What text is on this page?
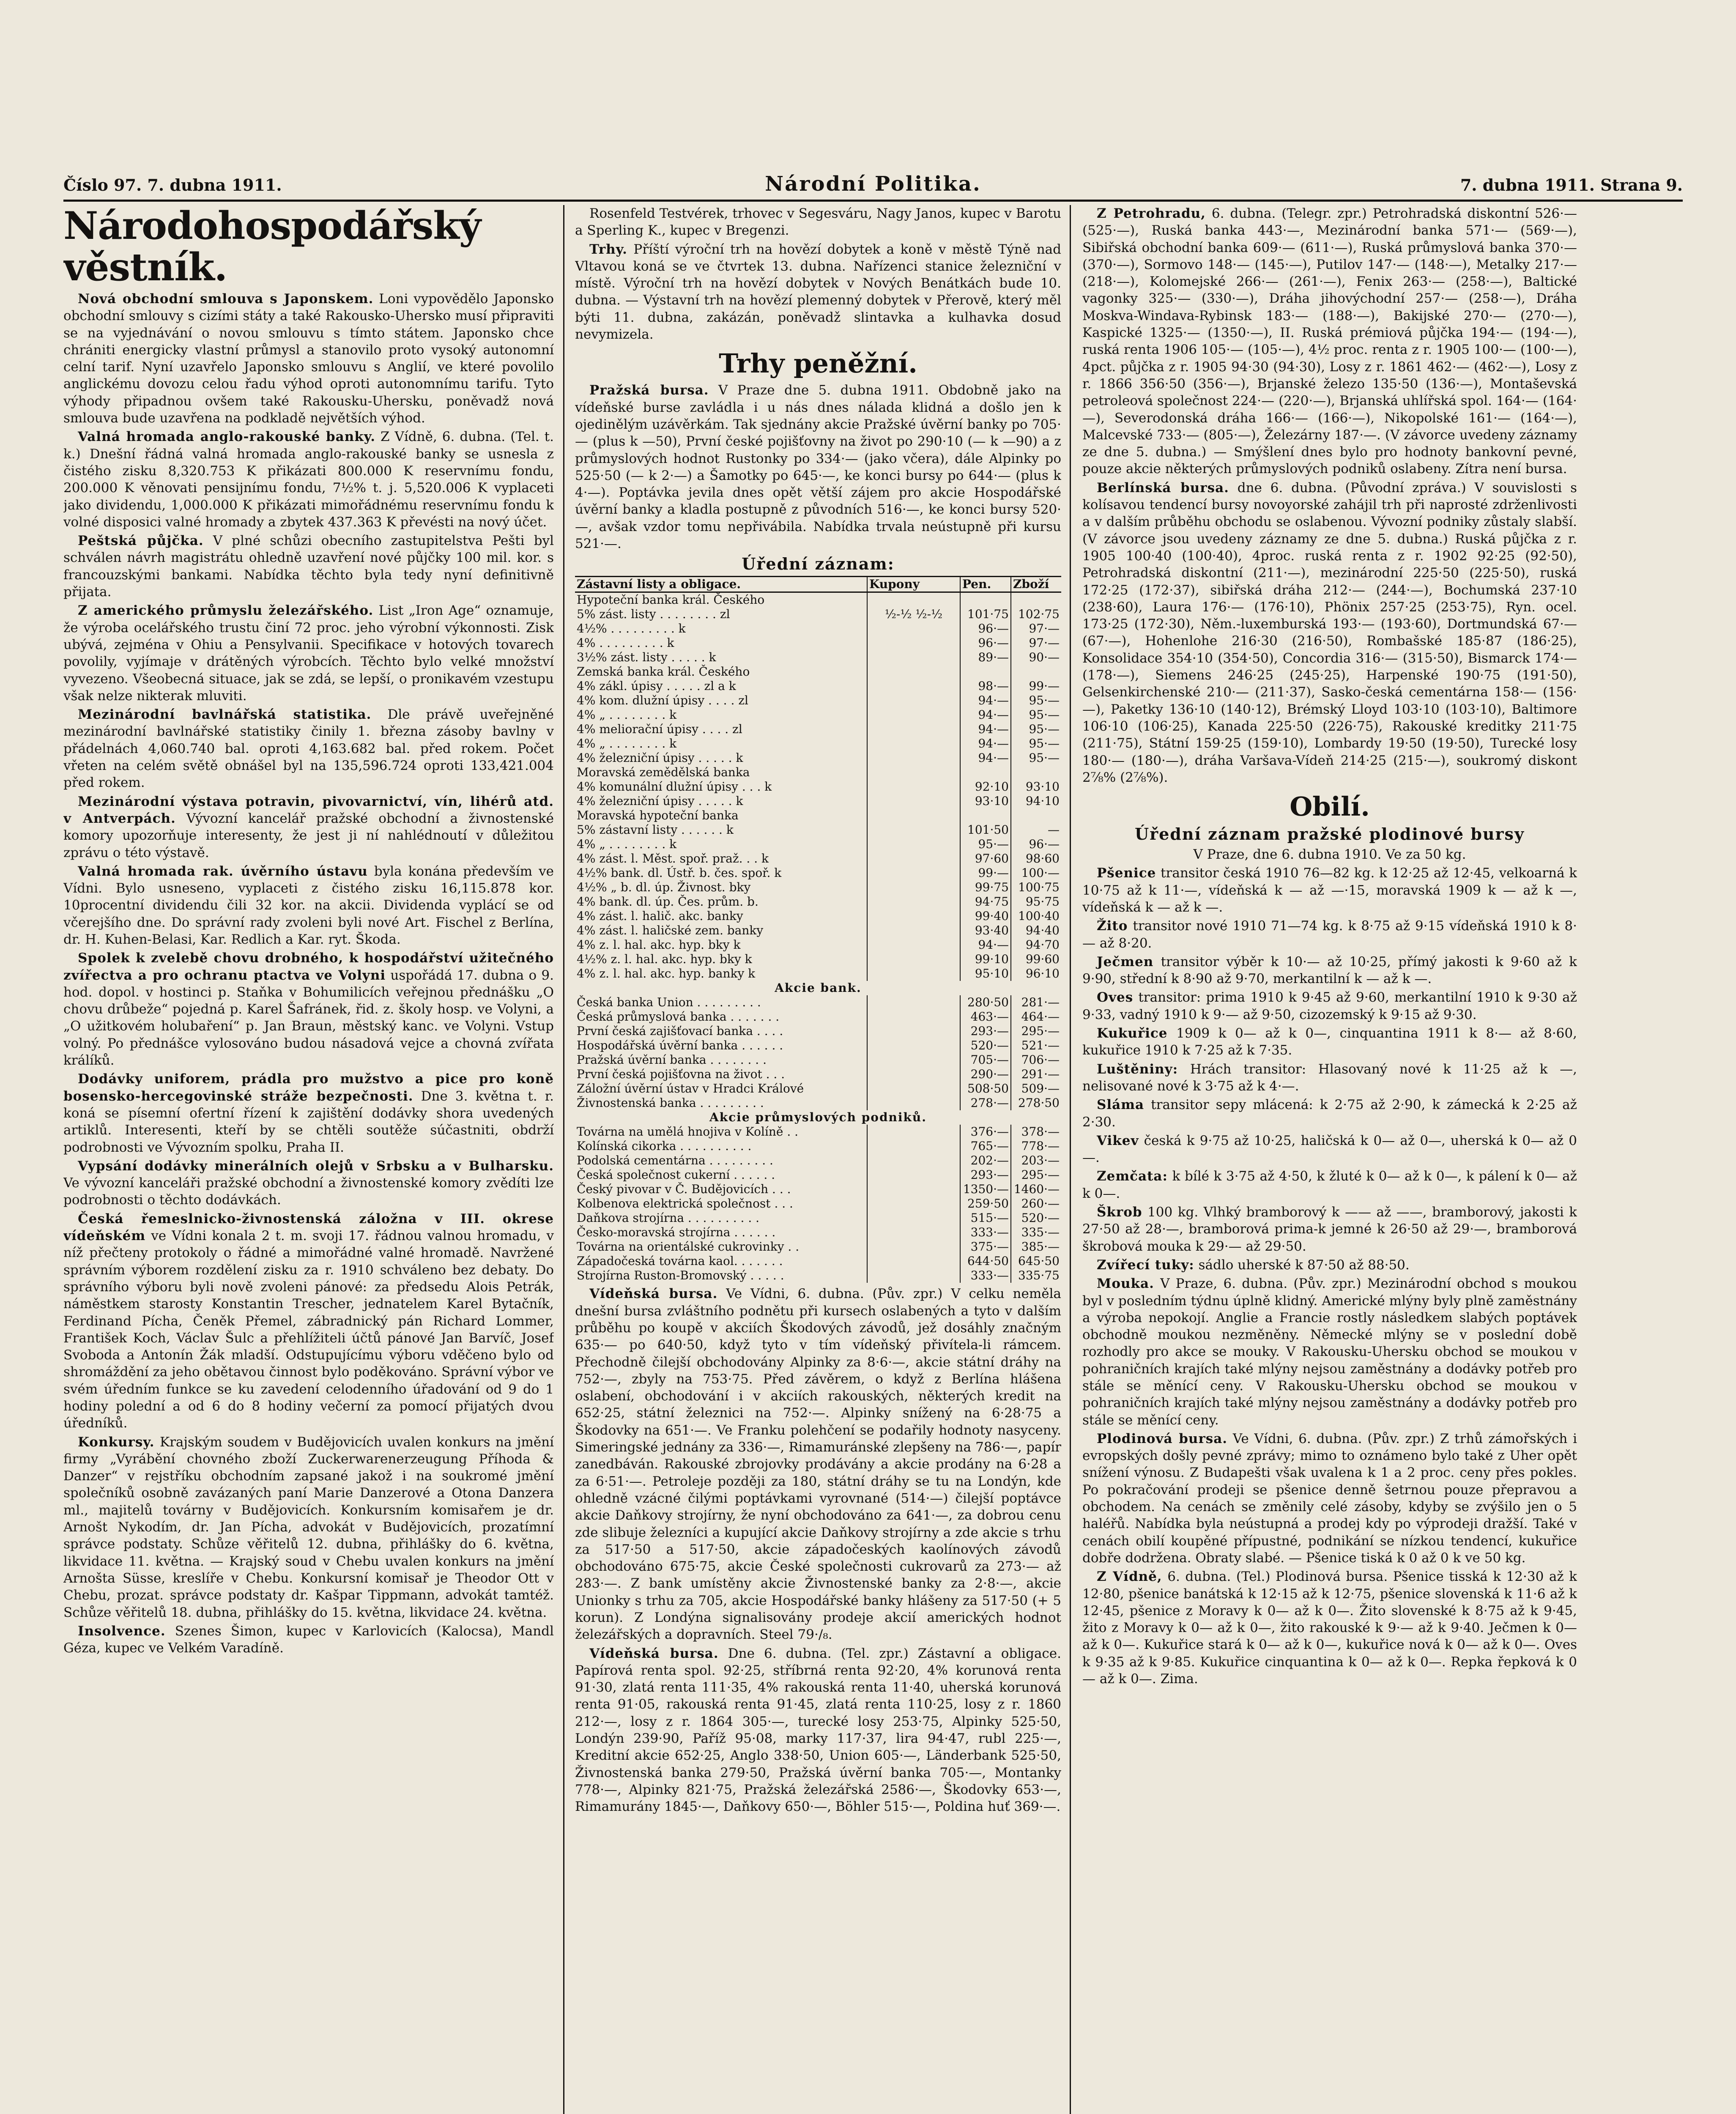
Číslo 97. 7. dubna 1911.	Národní Politika.	7. dubna 1911. Strana 9.
Národohospodářský věstník.

Nová obchodní smlouva s Japonskem. Loni vypovědělo Japonsko obchodní smlouvy s cizími státy a také Rakousko-Uhersko musí připraviti se na vyjednávání o novou smlouvu s tímto státem. Japonsko chce chrániti energicky vlastní průmysl a stanovilo proto vysoký autonomní celní tarif. Nyní uzavřelo Japonsko smlouvu s Anglií, ve které povolilo anglickému dovozu celou řadu výhod oproti autonomnímu tarifu. Tyto výhody připadnou ovšem také Rakousku-Uhersku, poněvadž nová smlouva bude uzavřena na podkladě největších výhod.

Valná hromada anglo-rakouské banky. Z Vídně, 6. dubna. (Tel. t. k.) Dnešní řádná valná hromada anglo-rakouské banky se usnesla z čistého zisku 8,320.753 K přikázati 800.000 K reservnímu fondu, 200.000 K věnovati pensijnímu fondu, 7½% t. j. 5,520.006 K vyplaceti jako dividendu, 1,000.000 K přikázati mimořádnému reservnímu fondu k volné disposici valné hromady a zbytek 437.363 K převésti na nový účet.

Peštská půjčka. V plné schůzi obecního zastupitelstva Pešti byl schválen návrh magistrátu ohledně uzavření nové půjčky 100 mil. kor. s francouzskými bankami. Nabídka těchto byla tedy nyní definitivně přijata.

Z amerického průmyslu železářského. List „Iron Age“ oznamuje, že výroba ocelářského trustu činí 72 proc. jeho výrobní výkonnosti. Zisk ubývá, zejména v Ohiu a Pensylvanii. Specifikace v hotových tovarech povolily, vyjímaje v drátěných výrobcích. Těchto bylo velké množství vyvezeno. Všeobecná situace, jak se zdá, se lepší, o pronikavém vzestupu však nelze nikterak mluviti.

Mezinárodní bavlnářská statistika. Dle právě uveřejněné mezinárodní bavlnářské statistiky činily 1. března zásoby bavlny v přádelnách 4,060.740 bal. oproti 4,163.682 bal. před rokem. Počet vřeten na celém světě obnášel byl na 135,596.724 oproti 133,421.004 před rokem.

Mezinárodní výstava potravin, pivovarnictví, vín, lihérů atd. v Antverpách. Vývozní kancelář pražské obchodní a živnostenské komory upozorňuje interesenty, že jest ji ní nahlédnoutí v důležitou zprávu o této výstavě.

Valná hromada rak. úvěrního ústavu byla konána především ve Vídni. Bylo usneseno, vyplaceti z čistého zisku 16,115.878 kor. 10procentní dividendu čili 32 kor. na akcii. Dividenda vyplácí se od včerejšího dne. Do správní rady zvoleni byli nové Art. Fischel z Berlína, dr. H. Kuhen-Belasi, Kar. Redlich a Kar. ryt. Škoda.

Spolek k zvelebě chovu drobného, k hospodářství užitečného zvířectva a pro ochranu ptactva ve Volyni uspořádá 17. dubna o 9. hod. dopol. v hostinci p. Staňka v Bohumilicích veřejnou přednášku „O chovu drůbeže“ pojedná p. Karel Šafránek, řid. z. školy hosp. ve Volyni, a „O užitkovém holubaření“ p. Jan Braun, městský kanc. ve Volyni. Vstup volný. Po přednášce vylosováno budou násadová vejce a chovná zvířata králíků.

Dodávky uniforem, prádla pro mužstvo a pice pro koně bosensko-hercegovinské stráže bezpečnosti. Dne 3. května t. r. koná se písemní ofertní řízení k zajištění dodávky shora uvedených artiklů. Interesenti, kteří by se chtěli soutěže súčastniti, obdrží podrobnosti ve Vývozním spolku, Praha II.

Vypsání dodávky minerálních olejů v Srbsku a v Bulharsku. Ve vývozní kanceláři pražské obchodní a živnostenské komory zvědíti lze podrobnosti o těchto dodávkách.

Česká řemeslnicko-živnostenská záložna v III. okrese vídeňském ve Vídni konala 2 t. m. svoji 17. řádnou valnou hromadu, v níž přečteny protokoly o řádné a mimořádné valné hromadě. Navržené správním výborem rozdělení zisku za r. 1910 schváleno bez debaty. Do správního výboru byli nově zvoleni pánové: za předsedu Alois Petrák, náměstkem starosty Konstantin Trescher, jednatelem Karel Bytačník, Ferdinand Pícha, Čeněk Přemel, zábradnický pán Richard Lommer, František Koch, Václav Šulc a přehlížiteli účtů pánové Jan Barvíč, Josef Svoboda a Antonín Žák mladší. Odstupujícímu výboru vděčeno bylo od shromáždění za jeho obětavou činnost bylo poděkováno. Správní výbor ve svém úředním funkce se ku zavedení celodenního úřadování od 9 do 1 hodiny polední a od 6 do 8 hodiny večerní za pomocí přijatých dvou úředníků.

Konkursy. Krajským soudem v Budějovicích uvalen konkurs na jmění firmy „Vyrábění chovného zboží Zuckerwarenerzeugung Příhoda & Danzer“ v rejstříku obchodním zapsané jakož i na soukromé jmění společníků osobně zavázaných paní Marie Danzerové a Otona Danzera ml., majitelů továrny v Budějovicích. Konkursním komisařem je dr. Arnošt Nykodím, dr. Jan Pícha, advokát v Budějovicích, prozatímní správce podstaty. Schůze věřitelů 12. dubna, přihlášky do 6. května, likvidace 11. května. — Krajský soud v Chebu uvalen konkurs na jmění Arnošta Süsse, kreslíře v Chebu. Konkursní komisař je Theodor Ott v Chebu, prozat. správce podstaty dr. Kašpar Tippmann, advokát tamtéž. Schůze věřitelů 18. dubna, přihlášky do 15. května, likvidace 24. května.

Insolvence. Szenes Šimon, kupec v Karlovicích (Kalocsa), Mandl Géza, kupec ve Velkém Varadíně.

Rosenfeld Testvérek, trhovec v Segesváru, Nagy Janos, kupec v Barotu a Sperling K., kupec v Bregenzi.

Trhy. Příští výroční trh na hovězí dobytek a koně v městě Týně nad Vltavou koná se ve čtvrtek 13. dubna. Nařízenci stanice železniční v místě. Výroční trh na hovězí dobytek v Nových Benátkách bude 10. dubna. — Výstavní trh na hovězí plemenný dobytek v Přerově, který měl býti 11. dubna, zakázán, poněvadž slintavka a kulhavka dosud nevymizela.

Trhy peněžní.

Pražská bursa. V Praze dne 5. dubna 1911. Obdobně jako na vídeňské burse zavládla i u nás dnes nálada klidná a došlo jen k ojedinělým uzávěrkám. Tak sjednány akcie Pražské úvěrní banky po 705·— (plus k —50), První české pojišťovny na život po 290·10 (— k —90) a z průmyslových hodnot Rustonky po 334·— (jako včera), dále Alpinky po 525·50 (— k 2·—) a Šamotky po 645·—, ke konci bursy po 644·— (plus k 4·—). Poptávka jevila dnes opět větší zájem pro akcie Hospodářské úvěrní banky a kladla postupně z původních 516·—, ke konci bursy 520·—, avšak vzdor tomu nepřivábila. Nabídka trvala neústupně při kursu 521·—.

Úřední záznam:
Zástavní listy a obligace.	Kupony	Pen.	Zboží
Hypoteční banka král. Českého			
5% zást. listy . . . . . . . . zl	½-½ ½-½	101·75	102·75
4½% . . . . . . . . . k		96·—	97·—
4% . . . . . . . . . k		96·—	97·—
3½% zást. listy . . . . . k		89·—	90·—
Zemská banka král. Českého			
4% zákl. úpisy . . . . . zl a k		98·—	99·—
4% kom. dlužní úpisy . . . . zl		94·—	95·—
4% „ . . . . . . . . k		94·—	95·—
4% meliorační úpisy . . . . zl		94·—	95·—
4% „ . . . . . . . . k		94·—	95·—
4% železniční úpisy . . . . . k		94·—	95·—
Moravská zemědělská banka			
4% komunální dlužní úpisy . . . k		92·10	93·10
4% železniční úpisy . . . . . k		93·10	94·10
Moravská hypoteční banka			
5% zástavní listy . . . . . . k		101·50	—
4% „ . . . . . . . . k		95·—	96·—
4% zást. l. Měst. spoř. praž. . . k		97·60	98·60
4½% bank. dl. Ústř. b. čes. spoř. k		99·—	100·—
4½% „ b. dl. úp. Živnost. bky		99·75	100·75
4% bank. dl. úp. Čes. prům. b.		94·75	95·75
4% zást. l. halič. akc. banky		99·40	100·40
4% zást. l. haličské zem. banky		93·40	94·40
4% z. l. hal. akc. hyp. bky k		94·—	94·70
4½% z. l. hal. akc. hyp. bky k		99·10	99·60
4% z. l. hal. akc. hyp. banky k		95·10	96·10
Akcie bank.			
Česká banka Union . . . . . . . . .		280·50	281·—
Česká průmyslová banka . . . . . . .		463·—	464·—
První česká zajišťovací banka . . . .		293·—	295·—
Hospodářská úvěrní banka . . . . . .		520·—	521·—
Pražská úvěrní banka . . . . . . . .		705·—	706·—
První česká pojišťovna na život . . .		290·—	291·—
Záložní úvěrní ústav v Hradci Králové		508·50	509·—
Živnostenská banka . . . . . . . . .		278·—	278·50
Akcie průmyslových podniků.			
Továrna na umělá hnojiva v Kolíně . .		376·—	378·—
Kolínská cikorka . . . . . . . . . .		765·—	778·—
Podolská cementárna . . . . . . . . .		202·—	203·—
Česká společnost cukerní . . . . . .		293·—	295·—
Český pivovar v Č. Budějovicích . . .		1350·—	1460·—
Kolbenova elektrická společnost . . .		259·50	260·—
Daňkova strojírna . . . . . . . . . .		515·—	520·—
Česko-moravská strojírna . . . . . .		333·—	335·—
Továrna na orientálské cukrovinky . .		375·—	385·—
Západočeská továrna kaol. . . . . . .		644·50	645·50
Strojírna Ruston-Bromovský . . . . .		333·—	335·75

Vídeňská bursa. Ve Vídni, 6. dubna. (Pův. zpr.) V celku neměla dnešní bursa zvláštního podnětu při kursech oslabených a tyto v dalším průběhu po koupě v akciích Škodových závodů, jež dosáhly značným 635·— po 640·50, když tyto v tím vídeňský přivítela-li rámcem. Přechodně čilejší obchodovány Alpinky za 8·6·—, akcie státní dráhy na 752·—, zbyly na 753·75. Před závěrem, o když z Berlína hlášena oslabení, obchodování i v akciích rakouských, některých kredit na 652·25, státní železnici na 752·—. Alpinky snížený na 6·28·75 a Škodovky na 651·—. Ve Franku polehčení se podařily hodnoty nasyceny. Simeringské jednány za 336·—, Rimamuránské zlepšeny na 786·—, papír zanedbáván. Rakouské zbrojovky prodávány a akcie prodány na 6·28 a za 6·51·—. Petroleje později za 180, státní dráhy se tu na Londýn, kde ohledně vzácné čilými poptávkami vyrovnané (514·—) čilejší poptávce akcie Daňkovy strojírny, že nyní obchodováno za 641·—, za dobrou cenu zde slibuje železníci a kupující akcie Daňkovy strojírny a zde akcie s trhu za 517·50 a 517·50, akcie západočeských kaolínových závodů obchodováno 675·75, akcie České společnosti cukrovarů za 273·— až 283·—. Z bank umístěny akcie Živnostenské banky za 2·8·—, akcie Unionky s trhu za 705, akcie Hospodářské banky hlášeny za 517·50 (+ 5 korun). Z Londýna signalisovány prodeje akcií amerických hodnot železářských a dopravních. Steel 79·/₈.

Vídeňská bursa. Dne 6. dubna. (Tel. zpr.) Zástavní a obligace. Papírová renta spol. 92·25, stříbrná renta 92·20, 4% korunová renta 91·30, zlatá renta 111·35, 4% rakouská renta 11·40, uherská korunová renta 91·05, rakouská renta 91·45, zlatá renta 110·25, losy z r. 1860 212·—, losy z r. 1864 305·—, turecké losy 253·75, Alpinky 525·50, Londýn 239·90, Paříž 95·08, marky 117·37, lira 94·47, rubl 225·—, Kreditní akcie 652·25, Anglo 338·50, Union 605·—, Länderbank 525·50, Živnostenská banka 279·50, Pražská úvěrní banka 705·—, Montanky 778·—, Alpinky 821·75, Pražská železářská 2586·—, Škodovky 653·—, Rimamurány 1845·—, Daňkovy 650·—, Böhler 515·—, Poldina huť 369·—.

Z Petrohradu, 6. dubna. (Telegr. zpr.) Petrohradská diskontní 526·— (525·—), Ruská banka 443·—, Mezinárodní banka 571·— (569·—), Sibiřská obchodní banka 609·— (611·—), Ruská průmyslová banka 370·— (370·—), Sormovo 148·— (145·—), Putilov 147·— (148·—), Metalky 217·— (218·—), Kolomejské 266·— (261·—), Fenix 263·— (258·—), Baltické vagonky 325·— (330·—), Dráha jihovýchodní 257·— (258·—), Dráha Moskva-Windava-Rybinsk 183·— (188·—), Bakijské 270·— (270·—), Kaspické 1325·— (1350·—), II. Ruská prémiová půjčka 194·— (194·—), ruská renta 1906 105·— (105·—), 4½ proc. renta z r. 1905 100·— (100·—), 4pct. půjčka z r. 1905 94·30 (94·30), Losy z r. 1861 462·— (462·—), Losy z r. 1866 356·50 (356·—), Brjanské železo 135·50 (136·—), Montaševská petroleová společnost 224·— (220·—), Brjanská uhlířská spol. 164·— (164·—), Severodonská dráha 166·— (166·—), Nikopolské 161·— (164·—), Malcevské 733·— (805·—), Železárny 187·—. (V závorce uvedeny záznamy ze dne 5. dubna.) — Smýšlení dnes bylo pro hodnoty bankovní pevné, pouze akcie některých průmyslových podniků oslabeny. Zítra není bursa.

Berlínská bursa. dne 6. dubna. (Původní zpráva.) V souvislosti s kolísavou tendencí bursy novoyorské zahájil trh při naprosté zdrženlivosti a v dalším průběhu obchodu se oslabenou. Vývozní podniky zůstaly slabší. (V závorce jsou uvedeny záznamy ze dne 5. dubna.) Ruská půjčka z r. 1905 100·40 (100·40), 4proc. ruská renta z r. 1902 92·25 (92·50), Petrohradská diskontní (211·—), mezinárodní 225·50 (225·50), ruská 172·25 (172·37), sibiřská dráha 212·— (244·—), Bochumská 237·10 (238·60), Laura 176·— (176·10), Phönix 257·25 (253·75), Ryn. ocel. 173·25 (172·30), Něm.-luxemburská 193·— (193·60), Dortmundská 67·— (67·—), Hohenlohe 216·30 (216·50), Rombašské 185·87 (186·25), Konsolidace 354·10 (354·50), Concordia 316·— (315·50), Bismarck 174·— (178·—), Siemens 246·25 (245·25), Harpenské 190·75 (191·50), Gelsenkirchenské 210·— (211·37), Sasko-česká cementárna 158·— (156·—), Paketky 136·10 (140·12), Brémský Lloyd 103·10 (103·10), Baltimore 106·10 (106·25), Kanada 225·50 (226·75), Rakouské kreditky 211·75 (211·75), Státní 159·25 (159·10), Lombardy 19·50 (19·50), Turecké losy 180·— (180·—), dráha Varšava-Vídeň 214·25 (215·—), soukromý diskont 2⅞% (2⅞%).

Obilí.
Úřední záznam pražské plodinové bursy

V Praze, dne 6. dubna 1910. Ve za 50 kg.

Pšenice transitor česká 1910 76—82 kg. k 12·25 až 12·45, velkoarná k 10·75 až k 11·—, vídeňská k — až —·15, moravská 1909 k — až k —, vídeňská k — až k —.

Žito transitor nové 1910 71—74 kg. k 8·75 až 9·15 vídeňská 1910 k 8·— až 8·20.

Ječmen transitor výběr k 10·— až 10·25, přímý jakosti k 9·60 až k 9·90, střední k 8·90 až 9·70, merkantilní k — až k —.

Oves transitor: prima 1910 k 9·45 až 9·60, merkantilní 1910 k 9·30 až 9·33, vadný 1910 k 9·— až 9·50, cizozemský k 9·15 až 9·30.

Kukuřice 1909 k 0— až k 0—, cinquantina 1911 k 8·— až 8·60, kukuřice 1910 k 7·25 až k 7·35.

Luštěniny: Hrách transitor: Hlasovaný nové k 11·25 až k —, nelisované nové k 3·75 až k 4·—.

Sláma transitor sepy mlácená: k 2·75 až 2·90, k zámecká k 2·25 až 2·30.

Vikev česká k 9·75 až 10·25, haličská k 0— až 0—, uherská k 0— až 0—.

Zemčata: k bílé k 3·75 až 4·50, k žluté k 0— až k 0—, k pálení k 0— až k 0—.

Škrob 100 kg. Vlhký bramborový k —— až ——, bramborový, jakosti k 27·50 až 28·—, bramborová prima-k jemné k 26·50 až 29·—, bramborová škrobová mouka k 29·— až 29·50.

Zvířecí tuky: sádlo uherské k 87·50 až 88·50.

Mouka. V Praze, 6. dubna. (Pův. zpr.) Mezinárodní obchod s moukou byl v posledním týdnu úplně klidný. Americké mlýny byly plně zaměstnány a výroba nepokojí. Anglie a Francie rostly následkem slabých poptávek obchodně moukou nezměněny. Německé mlýny se v poslední době rozhodly pro akce se mouky. V Rakousku-Uhersku obchod se moukou v pohraničních krajích také mlýny nejsou zaměstnány a dodávky potřeb pro stále se měnící ceny. V Rakousku-Uhersku obchod se moukou v pohraničních krajích také mlýny nejsou zaměstnány a dodávky potřeb pro stále se měnící ceny.

Plodinová bursa. Ve Vídni, 6. dubna. (Pův. zpr.) Z trhů zámořských i evropských došly pevné zprávy; mimo to oznámeno bylo také z Uher opět snížení výnosu. Z Budapešti však uvalena k 1 a 2 proc. ceny přes pokles. Po pokračování prodeji se pšenice denně šetrnou pouze přepravou a obchodem. Na cenách se změnily celé zásoby, kdyby se zvýšilo jen o 5 haléřů. Nabídka byla neústupná a prodej kdy po výprodeji dražší. Také v cenách obilí koupěné přípustné, podnikání se nízkou tendencí, kukuřice dobře dodržena. Obraty slabé. — Pšenice tiská k 0 až 0 k ve 50 kg.

Z Vídně, 6. dubna. (Tel.) Plodinová bursa. Pšenice tisská k 12·30 až k 12·80, pšenice banátská k 12·15 až k 12·75, pšenice slovenská k 11·6 až k 12·45, pšenice z Moravy k 0— až k 0—. Žito slovenské k 8·75 až k 9·45, žito z Moravy k 0— až k 0—, žito rakouské k 9·— až k 9·40. Ječmen k 0— až k 0—. Kukuřice stará k 0— až k 0—, kukuřice nová k 0— až k 0—. Oves k 9·35 až k 9·85. Kukuřice cinquantina k 0— až k 0—. Repka řepková k 0— až k 0—. Zima.
